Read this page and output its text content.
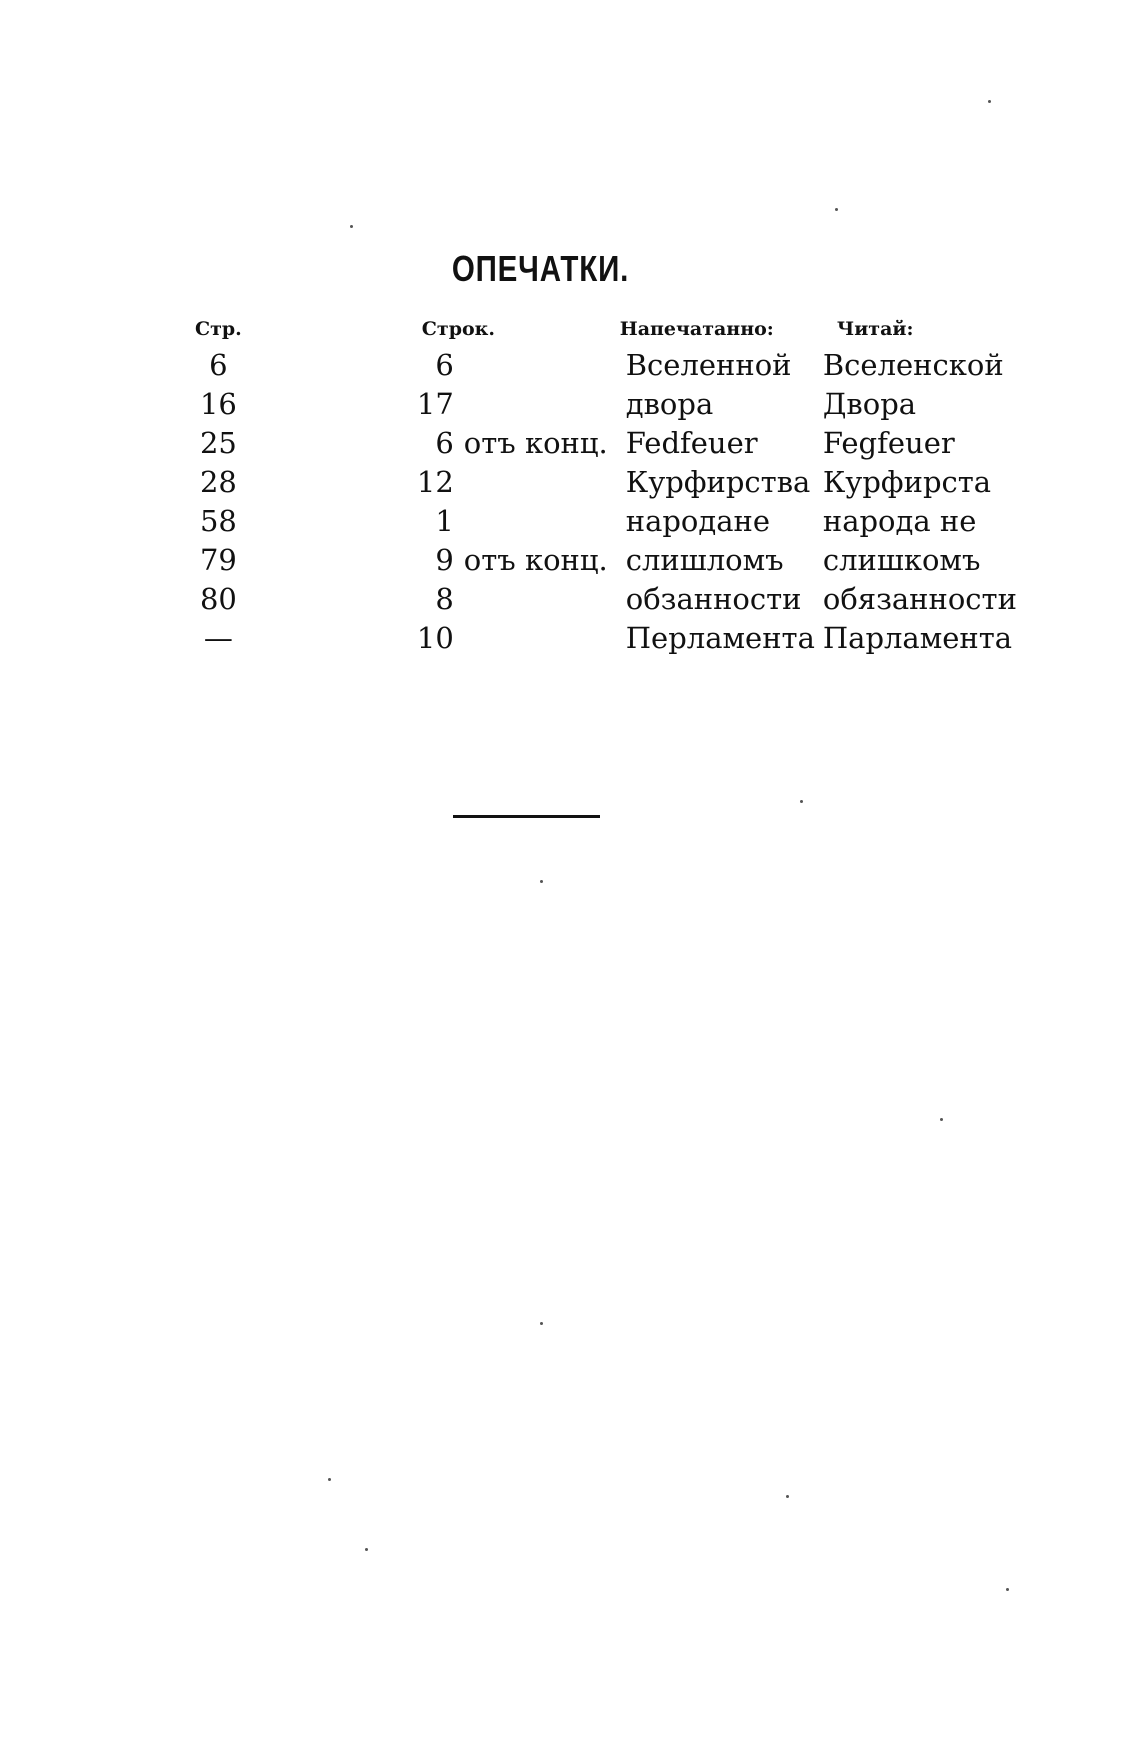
ОПЕЧАТКИ.
Стр.	Строк.	Напечатанно:	Читай:
6	6	Вселенной	Вселенской
16	17	двора	Двора
25	6 отъ конц.	Fedfeuer	Fegfeuer
28	12	Курфирства	Курфирста
58	1	народане	народа не
79	9 отъ конц.	слишломъ	слишкомъ
80	8	обзанности	обязанности
—	10	Перламента	Парламента
